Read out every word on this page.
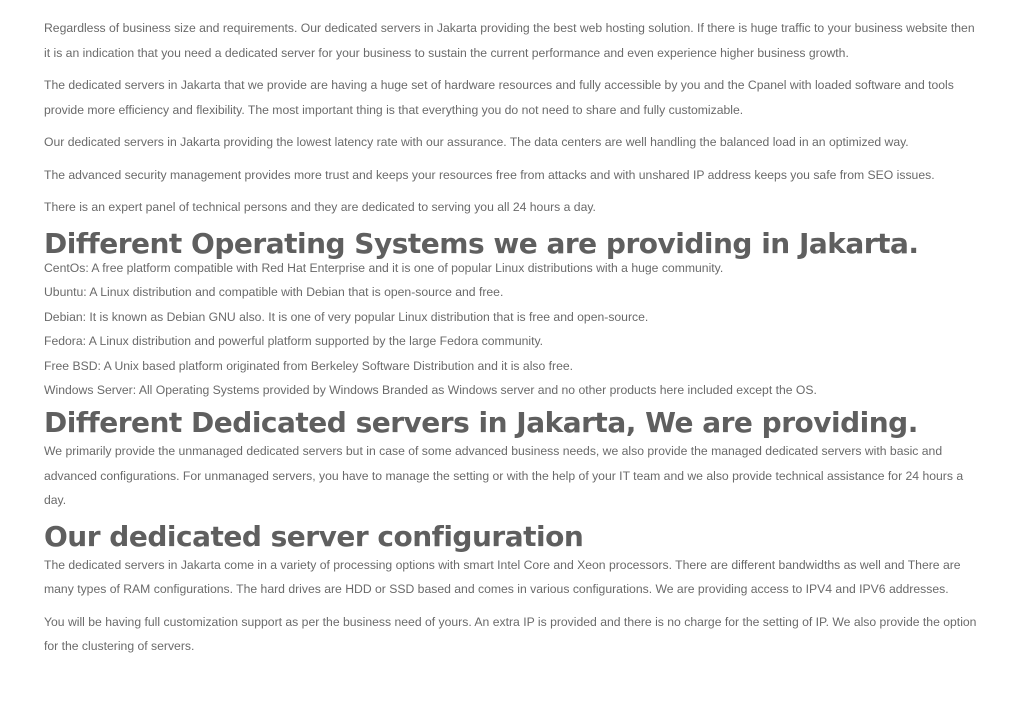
Regardless of business size and requirements. Our dedicated servers in Jakarta providing the best web hosting solution. If there is huge traffic to your business website then it is an indication that you need a dedicated server for your business to sustain the current performance and even experience higher business growth.

The dedicated servers in Jakarta that we provide are having a huge set of hardware resources and fully accessible by you and the Cpanel with loaded software and tools provide more efficiency and flexibility. The most important thing is that everything you do not need to share and fully customizable.

Our dedicated servers in Jakarta providing the lowest latency rate with our assurance. The data centers are well handling the balanced load in an optimized way.

The advanced security management provides more trust and keeps your resources free from attacks and with unshared IP address keeps you safe from SEO issues.

There is an expert panel of technical persons and they are dedicated to serving you all 24 hours a day.

Different Operating Systems we are providing in Jakarta.

CentOs: A free platform compatible with Red Hat Enterprise and it is one of popular Linux distributions with a huge community.

Ubuntu: A Linux distribution and compatible with Debian that is open-source and free.

Debian: It is known as Debian GNU also. It is one of very popular Linux distribution that is free and open-source.

Fedora: A Linux distribution and powerful platform supported by the large Fedora community.

Free BSD: A Unix based platform originated from Berkeley Software Distribution and it is also free.

Windows Server: All Operating Systems provided by Windows Branded as Windows server and no other products here included except the OS.

Different Dedicated servers in Jakarta, We are providing.

We primarily provide the unmanaged dedicated servers but in case of some advanced business needs, we also provide the managed dedicated servers with basic and advanced configurations. For unmanaged servers, you have to manage the setting or with the help of your IT team and we also provide technical assistance for 24 hours a day.

Our dedicated server configuration

The dedicated servers in Jakarta come in a variety of processing options with smart Intel Core and Xeon processors. There are different bandwidths as well and There are many types of RAM configurations. The hard drives are HDD or SSD based and comes in various configurations. We are providing access to IPV4 and IPV6 addresses.

You will be having full customization support as per the business need of yours. An extra IP is provided and there is no charge for the setting of IP. We also provide the option for the clustering of servers.
